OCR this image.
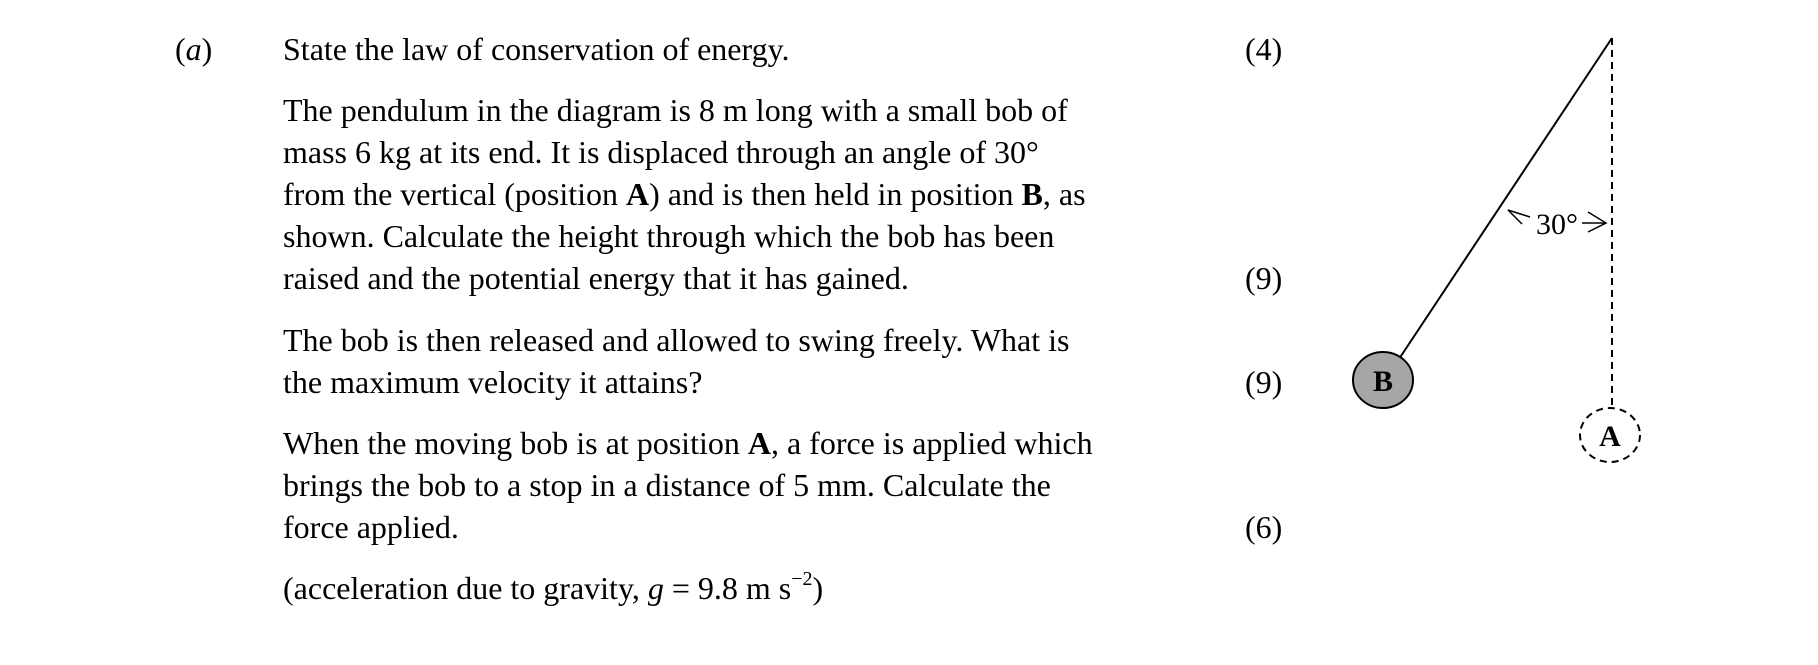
(a) State the law of conservation of energy.	(4)
The pendulum in the diagram is 8 m long with a small bob of
mass 6 kg at its end. It is displaced through an angle of 30°
from the vertical (position A) and is then held in position B, as
shown. Calculate the height through which the bob has been
raised and the potential energy that it has gained.	(9)
The bob is then released and allowed to swing freely. What is
the maximum velocity it attains?	(9)
When the moving bob is at position A, a force is applied which
brings the bob to a stop in a distance of 5 mm. Calculate the
force applied.	(6)
(acceleration due to gravity, g = 9.8 m $s^{-2}$)
30°
B
A
